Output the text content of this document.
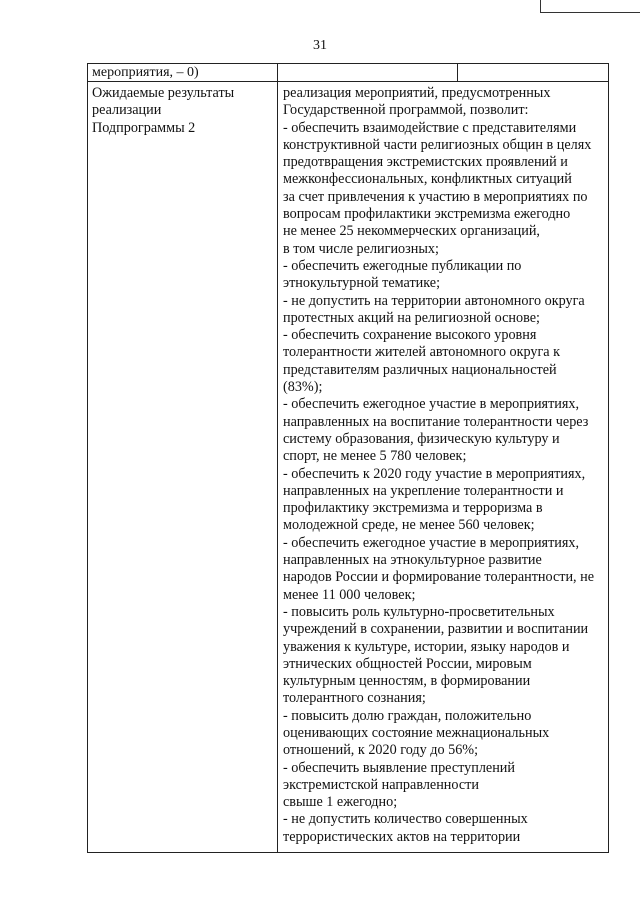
31
мероприятия, – 0)
Ожидаемые результаты
реализации
Подпрограммы 2
реализация мероприятий, предусмотренных
Государственной программой, позволит:
- обеспечить взаимодействие с представителями
конструктивной части религиозных общин в целях
предотвращения экстремистских проявлений и
межконфессиональных, конфликтных ситуаций
за счет привлечения к участию в мероприятиях по
вопросам профилактики экстремизма ежегодно
не менее 25 некоммерческих организаций,
в том числе религиозных;
- обеспечить ежегодные публикации по
этнокультурной тематике;
- не допустить на территории автономного округа
протестных акций на религиозной основе;
- обеспечить сохранение высокого уровня
толерантности жителей автономного округа к
представителям различных национальностей
(83%);
- обеспечить ежегодное участие в мероприятиях,
направленных на воспитание толерантности через
систему образования, физическую культуру и
спорт, не менее 5 780 человек;
- обеспечить к 2020 году участие в мероприятиях,
направленных на укрепление толерантности и
профилактику экстремизма и терроризма в
молодежной среде, не менее 560 человек;
- обеспечить ежегодное участие в мероприятиях,
направленных на этнокультурное развитие
народов России и формирование толерантности, не
менее 11 000 человек;
- повысить роль культурно-просветительных
учреждений в сохранении, развитии и воспитании
уважения к культуре, истории, языку народов и
этнических общностей России, мировым
культурным ценностям, в формировании
толерантного сознания;
- повысить долю граждан, положительно
оценивающих состояние межнациональных
отношений, к 2020 году до 56%;
- обеспечить выявление преступлений
экстремистской направленности
свыше 1 ежегодно;
- не допустить количество совершенных
террористических актов на территории
